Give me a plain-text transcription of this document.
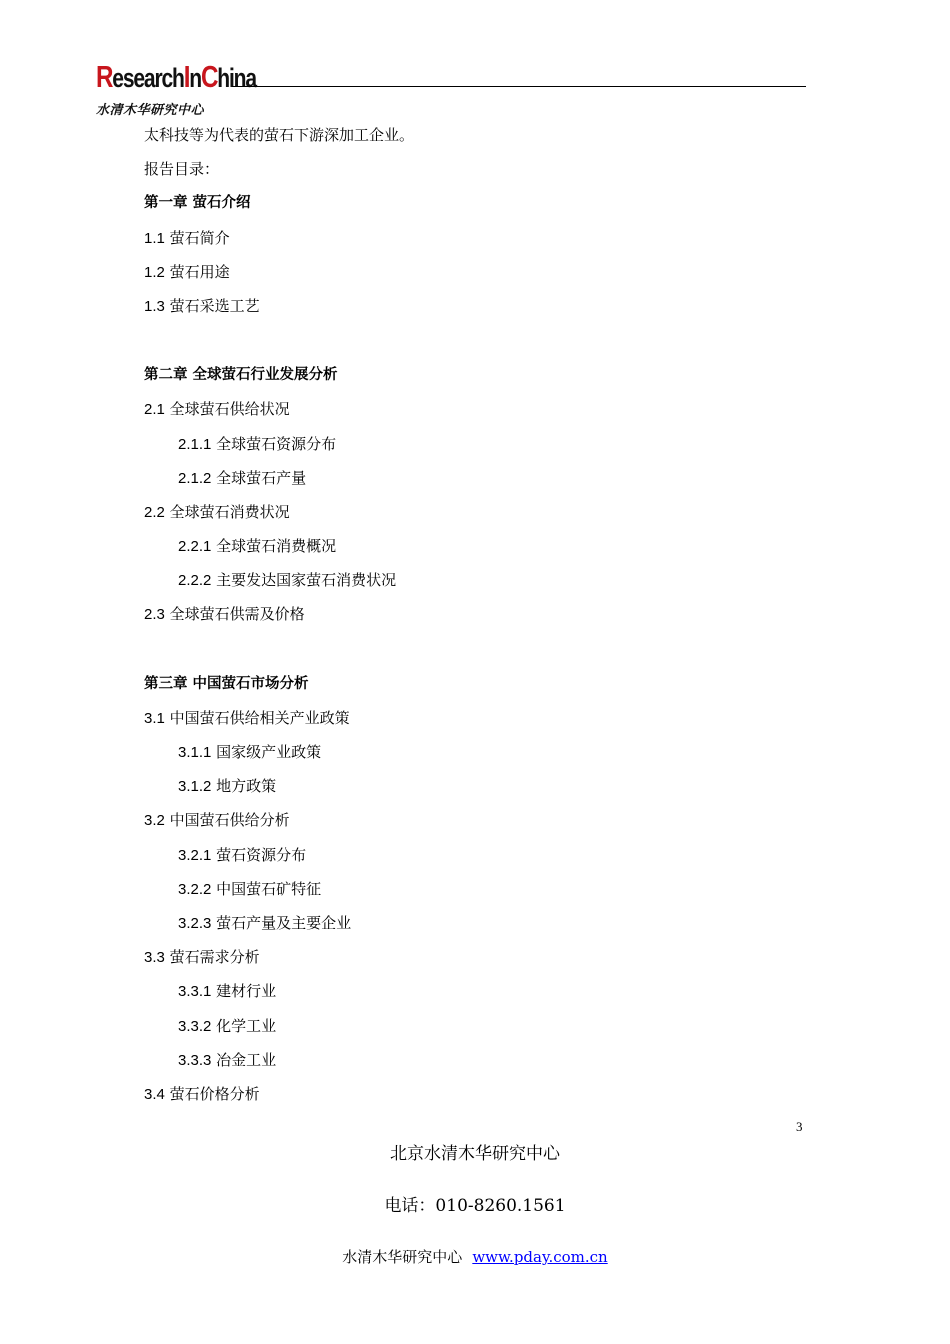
ResearchInChina
水清木华研究中心
太科技等为代表的萤石下游深加工企业。
报告目录：
第一章 萤石介绍
1.1 萤石简介
1.2 萤石用途
1.3 萤石采选工艺
第二章 全球萤石行业发展分析
2.1 全球萤石供给状况
2.1.1 全球萤石资源分布
2.1.2 全球萤石产量
2.2 全球萤石消费状况
2.2.1 全球萤石消费概况
2.2.2 主要发达国家萤石消费状况
2.3 全球萤石供需及价格
第三章 中国萤石市场分析
3.1 中国萤石供给相关产业政策
3.1.1 国家级产业政策
3.1.2 地方政策
3.2 中国萤石供给分析
3.2.1 萤石资源分布
3.2.2 中国萤石矿特征
3.2.3 萤石产量及主要企业
3.3 萤石需求分析
3.3.1 建材行业
3.3.2 化学工业
3.3.3 冶金工业
3.4 萤石价格分析
3
北京水清木华研究中心
电话：010-8260.1561
水清木华研究中心 www.pday.com.cn
